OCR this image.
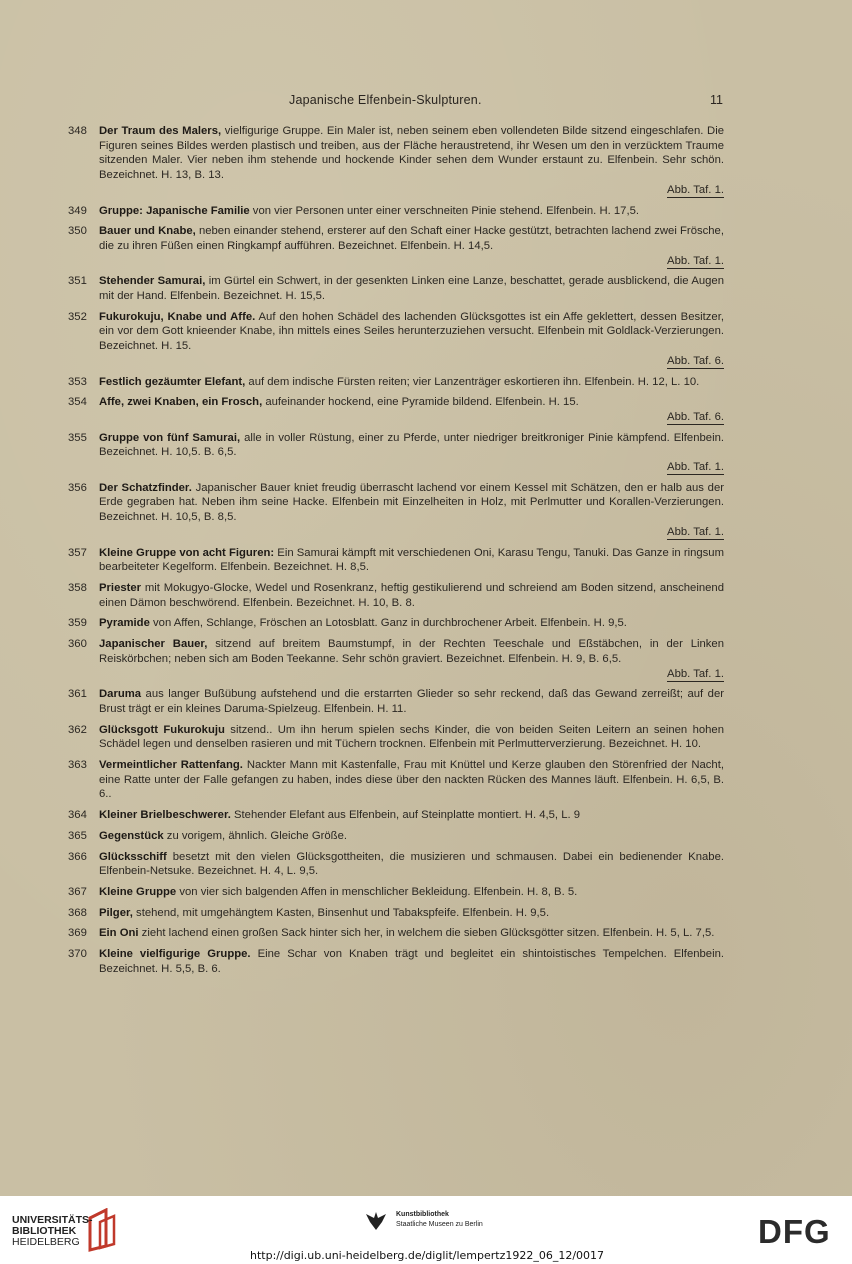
Japanische Elfenbein-Skulpturen.	11
348 Der Traum des Malers, vielfigurige Gruppe. Ein Maler ist, neben seinem eben vollendeten Bilde sitzend eingeschlafen. Die Figuren seines Bildes werden plastisch und treiben, aus der Fläche heraustretend, ihr Wesen um den in verzücktem Traume sitzenden Maler. Vier neben ihm stehende und hockende Kinder sehen dem Wunder erstaunt zu. Elfenbein. Sehr schön. Bezeichnet. H. 13, B. 13.
Abb. Taf. 1.
349 Gruppe: Japanische Familie von vier Personen unter einer verschneiten Pinie stehend. Elfenbein. H. 17,5.
350 Bauer und Knabe, neben einander stehend, ersterer auf den Schaft einer Hacke gestützt, betrachten lachend zwei Frösche, die zu ihren Füßen einen Ringkampf aufführen. Bezeichnet. Elfenbein. H. 14,5.
Abb. Taf. 1.
351 Stehender Samurai, im Gürtel ein Schwert, in der gesenkten Linken eine Lanze, beschattet, gerade ausblickend, die Augen mit der Hand. Elfenbein. Bezeichnet. H. 15,5.
352 Fukurokuju, Knabe und Affe. Auf den hohen Schädel des lachenden Glücksgottes ist ein Affe geklettert, dessen Besitzer, ein vor dem Gott knieender Knabe, ihn mittels eines Seiles herunterzuziehen versucht. Elfenbein mit Goldlack-Verzierungen. Bezeichnet. H. 15.
Abb. Taf. 6.
353 Festlich gezäumter Elefant, auf dem indische Fürsten reiten; vier Lanzenträger eskortieren ihn. Elfenbein. H. 12, L. 10.
354 Affe, zwei Knaben, ein Frosch, aufeinander hockend, eine Pyramide bildend. Elfenbein. H. 15.
Abb. Taf. 6.
355 Gruppe von fünf Samurai, alle in voller Rüstung, einer zu Pferde, unter niedriger breitkroniger Pinie kämpfend. Elfenbein. Bezeichnet. H. 10,5. B. 6,5.
Abb. Taf. 1.
356 Der Schatzfinder. Japanischer Bauer kniet freudig überrascht lachend vor einem Kessel mit Schätzen, den er halb aus der Erde gegraben hat. Neben ihm seine Hacke. Elfenbein mit Einzelheiten in Holz, mit Perlmutter und Korallen-Verzierungen. Bezeichnet. H. 10,5, B. 8,5.
Abb. Taf. 1.
357 Kleine Gruppe von acht Figuren: Ein Samurai kämpft mit verschiedenen Oni, Karasu Tengu, Tanuki. Das Ganze in ringsum bearbeiteter Kegelform. Elfenbein. Bezeichnet. H. 8,5.
358 Priester mit Mokugyo-Glocke, Wedel und Rosenkranz, heftig gestikulierend und schreiend am Boden sitzend, anscheinend einen Dämon beschwörend. Elfenbein. Bezeichnet. H. 10, B. 8.
359 Pyramide von Affen, Schlange, Fröschen an Lotosblatt. Ganz in durchbrochener Arbeit. Elfenbein. H. 9,5.
360 Japanischer Bauer, sitzend auf breitem Baumstumpf, in der Rechten Teeschale und Eßstäbchen, in der Linken Reiskörbchen; neben sich am Boden Teekanne. Sehr schön graviert. Bezeichnet. Elfenbein. H. 9, B. 6,5.
Abb. Taf. 1.
361 Daruma aus langer Bußübung aufstehend und die erstarrten Glieder so sehr reckend, daß das Gewand zerreißt; auf der Brust trägt er ein kleines Daruma-Spielzeug. Elfenbein. H. 11.
362 Glücksgott Fukurokuju sitzend.. Um ihn herum spielen sechs Kinder, die von beiden Seiten Leitern an seinen hohen Schädel legen und denselben rasieren und mit Tüchern trocknen. Elfenbein mit Perlmutterverzierung. Bezeichnet. H. 10.
363 Vermeintlicher Rattenfang. Nackter Mann mit Kastenfalle, Frau mit Knüttel und Kerze glauben den Störenfried der Nacht, eine Ratte unter der Falle gefangen zu haben, indes diese über den nackten Rücken des Mannes läuft. Elfenbein. H. 6,5, B. 6..
364 Kleiner Brielbeschwerer. Stehender Elefant aus Elfenbein, auf Steinplatte montiert. H. 4,5, L. 9
365 Gegenstück zu vorigem, ähnlich. Gleiche Größe.
366 Glücksschiff besetzt mit den vielen Glücksgottheiten, die musizieren und schmausen. Dabei ein bedienender Knabe. Elfenbein-Netsuke. Bezeichnet. H. 4, L. 9,5.
367 Kleine Gruppe von vier sich balgenden Affen in menschlicher Bekleidung. Elfenbein. H. 8, B. 5.
368 Pilger, stehend, mit umgehängtem Kasten, Binsenhut und Tabakspfeife. Elfenbein. H. 9,5.
369 Ein Oni zieht lachend einen großen Sack hinter sich her, in welchem die sieben Glücksgötter sitzen. Elfenbein. H. 5, L. 7,5.
370 Kleine vielfigurige Gruppe. Eine Schar von Knaben trägt und begleitet ein shintoistisches Tempelchen. Elfenbein. Bezeichnet. H. 5,5, B. 6.
UNIVERSITÄTS-
BIBLIOTHEK
HEIDELBERG
Kunstbibliothek
Staatliche Museen zu Berlin	DFG
http://digi.ub.uni-heidelberg.de/diglit/lempertz1922_06_12/0017
